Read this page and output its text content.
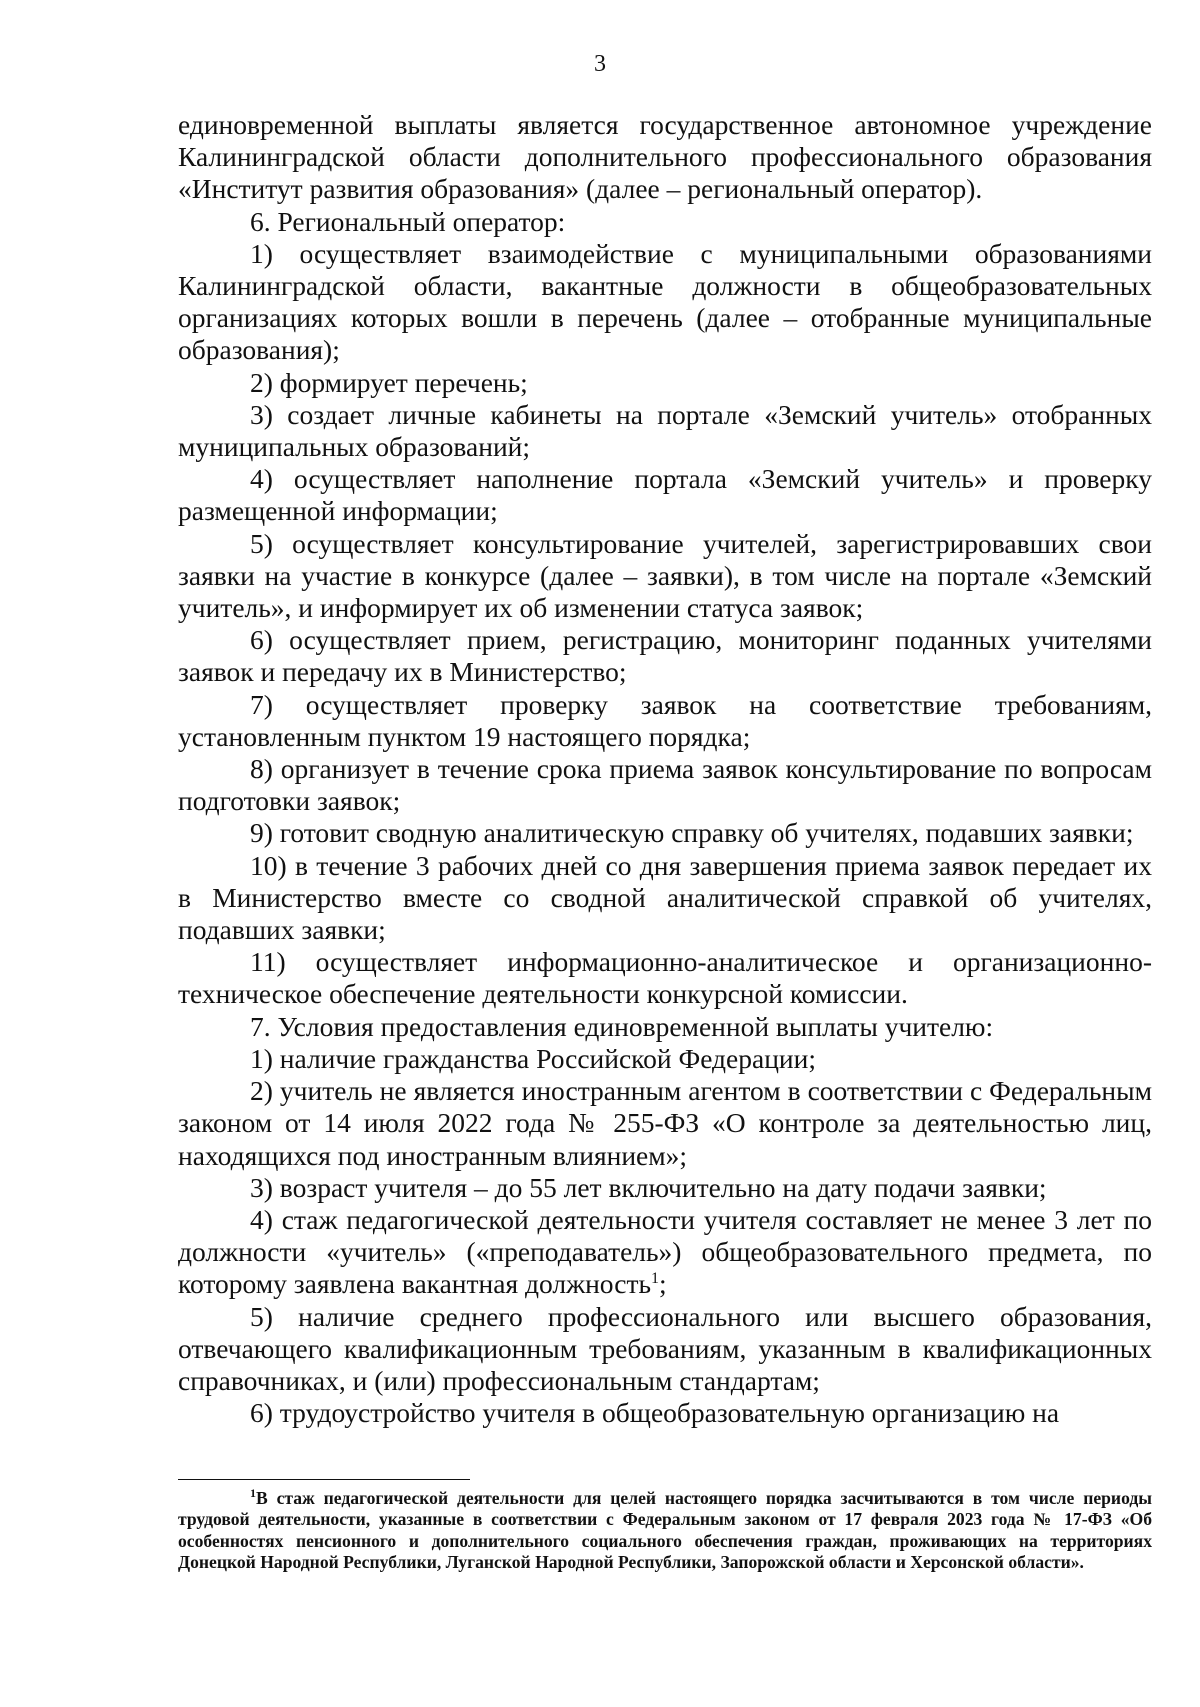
3

единовременной выплаты является государственное автономное учреждение Калининградской области дополнительного профессионального образования «Институт развития образования» (далее – региональный оператор).

6. Региональный оператор:

1) осуществляет взаимодействие с муниципальными образованиями Калининградской области, вакантные должности в общеобразовательных организациях которых вошли в перечень (далее – отобранные муниципальные образования);

2) формирует перечень;

3) создает личные кабинеты на портале «Земский учитель» отобранных муниципальных образований;

4) осуществляет наполнение портала «Земский учитель» и проверку размещенной информации;

5) осуществляет консультирование учителей, зарегистрировавших свои заявки на участие в конкурсе (далее – заявки), в том числе на портале «Земский учитель», и информирует их об изменении статуса заявок;

6) осуществляет прием, регистрацию, мониторинг поданных учителями заявок и передачу их в Министерство;

7) осуществляет проверку заявок на соответствие требованиям, установленным пунктом 19 настоящего порядка;

8) организует в течение срока приема заявок консультирование по вопросам подготовки заявок;

9) готовит сводную аналитическую справку об учителях, подавших заявки;

10) в течение 3 рабочих дней со дня завершения приема заявок передает их в Министерство вместе со сводной аналитической справкой об учителях, подавших заявки;

11) осуществляет информационно-аналитическое и организационно-техническое обеспечение деятельности конкурсной комиссии.

7. Условия предоставления единовременной выплаты учителю:

1) наличие гражданства Российской Федерации;

2) учитель не является иностранным агентом в соответствии с Федеральным законом от 14 июля 2022 года № 255-ФЗ «О контроле за деятельностью лиц, находящихся под иностранным влиянием»;

3) возраст учителя – до 55 лет включительно на дату подачи заявки;

4) стаж педагогической деятельности учителя составляет не менее 3 лет по должности «учитель» («преподаватель») общеобразовательного предмета, по которому заявлена вакантная должность$^1$;

5) наличие среднего профессионального или высшего образования, отвечающего квалификационным требованиям, указанным в квалификационных справочниках, и (или) профессиональным стандартам;

6) трудоустройство учителя в общеобразовательную организацию на

$^1$В стаж педагогической деятельности для целей настоящего порядка засчитываются в том числе периоды трудовой деятельности, указанные в соответствии с Федеральным законом от 17 февраля 2023 года № 17-ФЗ «Об особенностях пенсионного и дополнительного социального обеспечения граждан, проживающих на территориях Донецкой Народной Республики, Луганской Народной Республики, Запорожской области и Херсонской области».
